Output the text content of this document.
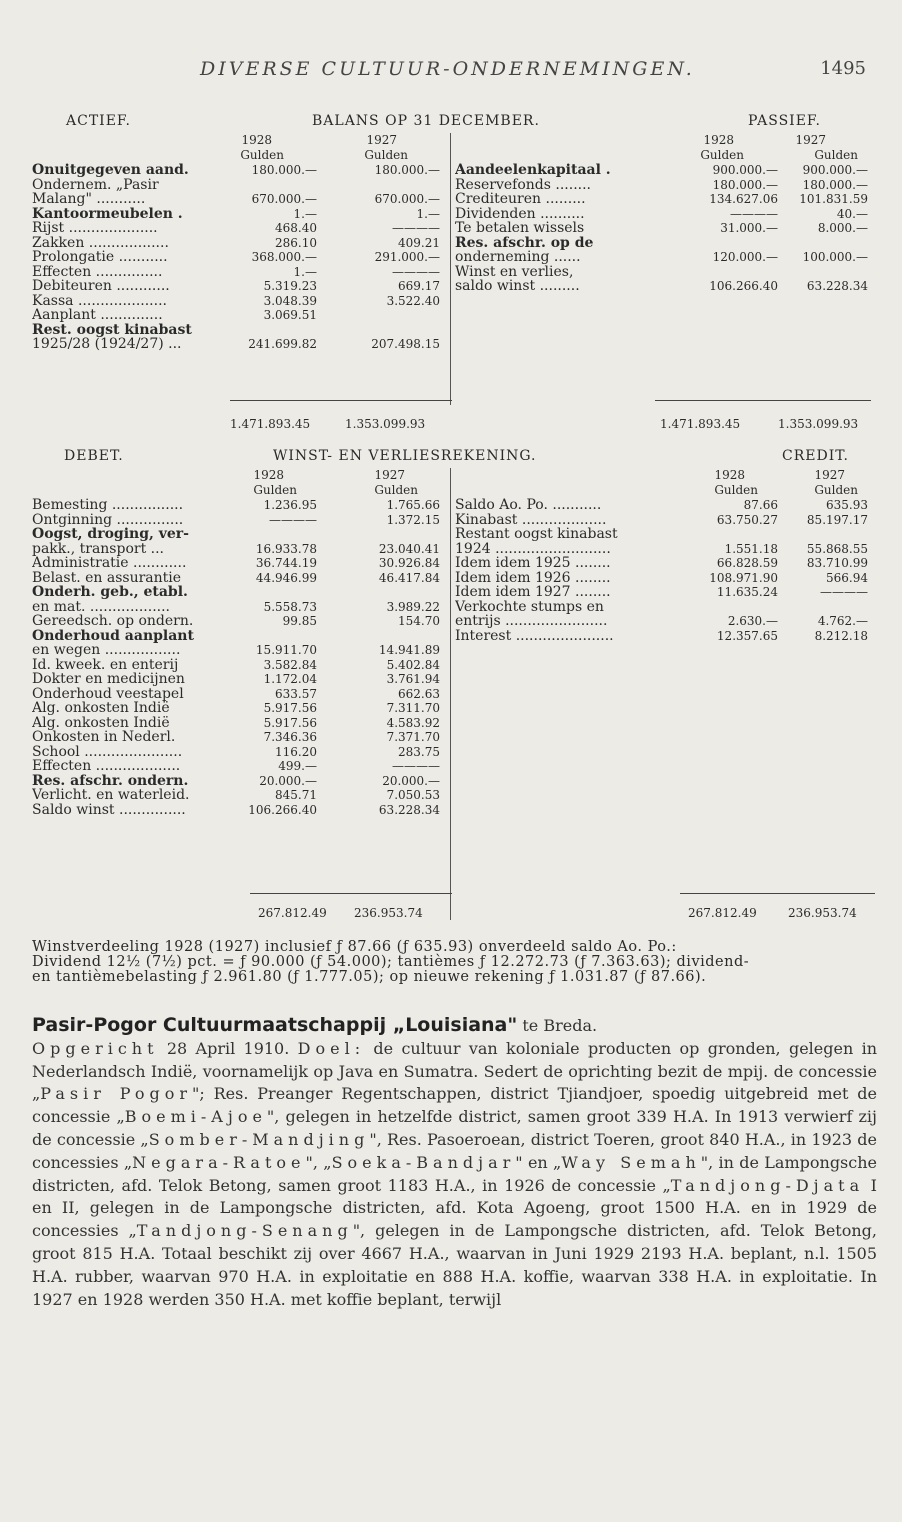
DIVERSE CULTUUR-ONDERNEMINGEN.	1495
ACTIEF.	BALANS OP 31 DECEMBER.	PASSIEF.
1928	1927	1928	1927
Gulden	Gulden	Gulden	Gulden
Onuitgegeven aand.	180.000.—	180.000.—
Ondernem. „Pasir
Malang" ...........	670.000.—	670.000.—
Kantoormeubelen .	1.—	1.—
Rijst ....................	468.40	————
Zakken ..................	286.10	409.21
Prolongatie ...........	368.000.—	291.000.—
Effecten ...............	1.—	————
Debiteuren ............	5.319.23	669.17
Kassa ....................	3.048.39	3.522.40
Aanplant ..............	3.069.51
Rest. oogst kinabast
1925/28 (1924/27) ...	241.699.82	207.498.15
Aandeelenkapitaal .	900.000.— 900.000.—
Reservefonds ........	180.000.— 180.000.—
Crediteuren .........	134.627.06 101.831.59
Dividenden ..........	————	40.—
Te betalen wissels	31.000.—	8.000.—
Res. afschr. op de
onderneming ......	120.000.— 100.000.—
Winst en verlies,
saldo winst .........	106.266.40 63.228.34
1.471.893.45	1.353.099.93	1.471.893.45	1.353.099.93
DEBET.	WINST- EN VERLIESREKENING.	CREDIT.
1928	1927	1928	1927
Gulden	Gulden	Gulden	Gulden
Bemesting ................	1.236.95	1.765.66
Ontginning ...............	————	1.372.15
Oogst, droging, ver-
pakk., transport ...	16.933.78	23.040.41
Administratie ............	36.744.19	30.926.84
Belast. en assurantie	44.946.99	46.417.84
Onderh. geb., etabl.
en mat. ..................	5.558.73	3.989.22
Gereedsch. op ondern.	99.85	154.70
Onderhoud aanplant
en wegen .................	15.911.70	14.941.89
Id. kweek. en enterij	3.582.84	5.402.84
Dokter en medicijnen	1.172.04	3.761.94
Onderhoud veestapel	633.57	662.63
Alg. onkosten Indië	5.917.56	7.311.70
Alg. onkosten Indië	5.917.56	4.583.92
Onkosten in Nederl.	7.346.36	7.371.70
School ......................	116.20	283.75
Effecten ...................	499.—	————
Res. afschr. ondern.	20.000.—	20.000.—
Verlicht. en waterleid.	845.71	7.050.53
Saldo winst ...............	106.266.40	63.228.34
Saldo Ao. Po. ...........	87.66	635.93
Kinabast ...................	63.750.27 85.197.17
Restant oogst kinabast
1924 ..........................	1.551.18 55.868.55
Idem idem 1925 ........	66.828.59 83.710.99
Idem idem 1926 ........	108.971.90	566.94
Idem idem 1927 ........	11.635.24	————
Verkochte stumps en
entrijs .......................	2.630.—	4.762.—
Interest ......................	12.357.65	8.212.18
267.812.49 236.953.74	267.812.49	236.953.74
Winstverdeeling 1928 (1927) inclusief ƒ 87.66 (ƒ 635.93) onverdeeld saldo Ao. Po.:
Dividend 12½ (7½) pct. = ƒ 90.000 (ƒ 54.000); tantièmes ƒ 12.272.73 (ƒ 7.363.63); dividend-
en tantièmebelasting ƒ 2.961.80 (ƒ 1.777.05); op nieuwe rekening ƒ 1.031.87 (ƒ 87.66).
Pasir-Pogor Cultuurmaatschappij „Louisiana" te Breda.
Opgericht 28 April 1910. Doel: de cultuur van koloniale producten op gronden, gelegen in Nederlandsch Indië, voornamelijk op Java en Sumatra. Sedert de oprichting bezit de mpij. de concessie „Pasir Pogor"; Res. Preanger Regentschappen, district Tjiandjoer, spoedig uitgebreid met de concessie „Boemi-Ajoe", gelegen in hetzelfde district, samen groot 339 H.A. In 1913 verwierf zij de concessie „Somber-Mandjing", Res. Pasoeroean, district Toeren, groot 840 H.A., in 1923 de concessies „Negara-Ratoe", „Soeka-Bandjar" en „Way Semah", in de Lampongsche districten, afd. Telok Betong, samen groot 1183 H.A., in 1926 de concessie „Tandjong-Djata I en II, gelegen in de Lampongsche districten, afd. Kota Agoeng, groot 1500 H.A. en in 1929 de concessies „Tandjong-Senang", gelegen in de Lampongsche districten, afd. Telok Betong, groot 815 H.A. Totaal beschikt zij over 4667 H.A., waarvan in Juni 1929 2193 H.A. beplant, n.l. 1505 H.A. rubber, waarvan 970 H.A. in exploitatie en 888 H.A. koffie, waarvan 338 H.A. in exploitatie. In 1927 en 1928 werden 350 H.A. met koffie beplant, terwijl
